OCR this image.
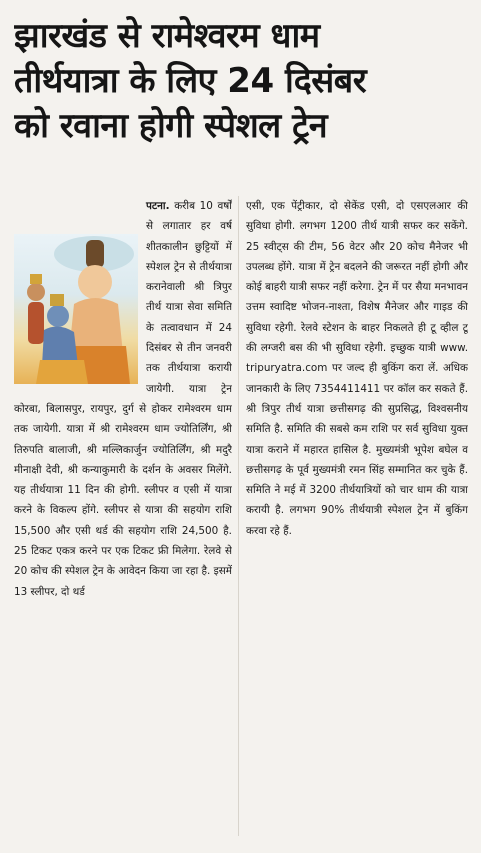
झारखंड से रामेश्वरम धाम
तीर्थयात्रा के लिए 24 दिसंबर
को रवाना होगी स्पेशल ट्रेन
पटना.
करीब 10 वर्षों से लगातार हर वर्ष शीतकालीन छुट्टियों में स्पेशल ट्रेन से तीर्थयात्रा करानेवाली श्री त्रिपुर तीर्थ यात्रा सेवा समिति के तत्वावधान में 24 दिसंबर से तीन जनवरी तक तीर्थयात्रा करायी जायेगी. यात्रा ट्रेन कोरबा, बिलासपुर, रायपुर, दुर्ग से होकर रामेश्वरम धाम तक जायेगी. यात्रा में श्री रामेश्वरम धाम ज्योतिर्लिंग, श्री तिरुपति बालाजी, श्री मल्लिकार्जुन ज्योतिर्लिंग, श्री मदुरै मीनाक्षी देवी, श्री कन्याकुमारी के दर्शन के अवसर मिलेंगे. यह तीर्थयात्रा 11 दिन की होगी. स्लीपर व एसी में यात्रा करने के विकल्प होंगे. स्लीपर से यात्रा की सहयोग राशि 15,500 और एसी थर्ड की सहयोग राशि 24,500 है. 25 टिकट एकत्र करने पर एक टिकट फ्री मिलेगा. रेलवे से 20 कोच की स्पेशल ट्रेन के आवेदन किया जा रहा है. इसमें 13 स्लीपर, दो थर्ड
एसी, एक पेंट्रीकार, दो सेकेंड एसी, दो एसएलआर की सुविधा होगी. लगभग 1200 तीर्थ यात्री सफर कर सकेंगे. 25 स्वीट्स की टीम, 56 वेटर और 20 कोच मैनेजर भी उपलब्ध होंगे. यात्रा में ट्रेन बदलने की जरूरत नहीं होगी और कोई बाहरी यात्री सफर नहीं करेगा. ट्रेन में पर सैया मनभावन उत्तम स्वादिष्ट भोजन-नाश्ता, विशेष मैनेजर और गाइड की सुविधा रहेगी. रेलवे स्टेशन के बाहर निकलते ही टू व्हील टू की लग्जरी बस की भी सुविधा रहेगी. इच्छुक यात्री www. tripuryatra.com पर जल्द ही बुकिंग करा लें. अधिक जानकारी के लिए 7354411411 पर कॉल कर सकते हैं. श्री त्रिपुर तीर्थ यात्रा छत्तीसगढ़ की सुप्रसिद्ध, विश्वसनीय समिति है. समिति की सबसे कम राशि पर सर्व सुविधा युक्त यात्रा कराने में महारत हासिल है. मुख्यमंत्री भूपेश बघेल व छत्तीसगढ़ के पूर्व मुख्यमंत्री रमन सिंह सम्मानित कर चुके हैं. समिति ने मई में 3200 तीर्थयात्रियों को चार धाम की यात्रा करायी है. लगभग 90% तीर्थयात्री स्पेशल ट्रेन में बुकिंग करवा रहे हैं.
